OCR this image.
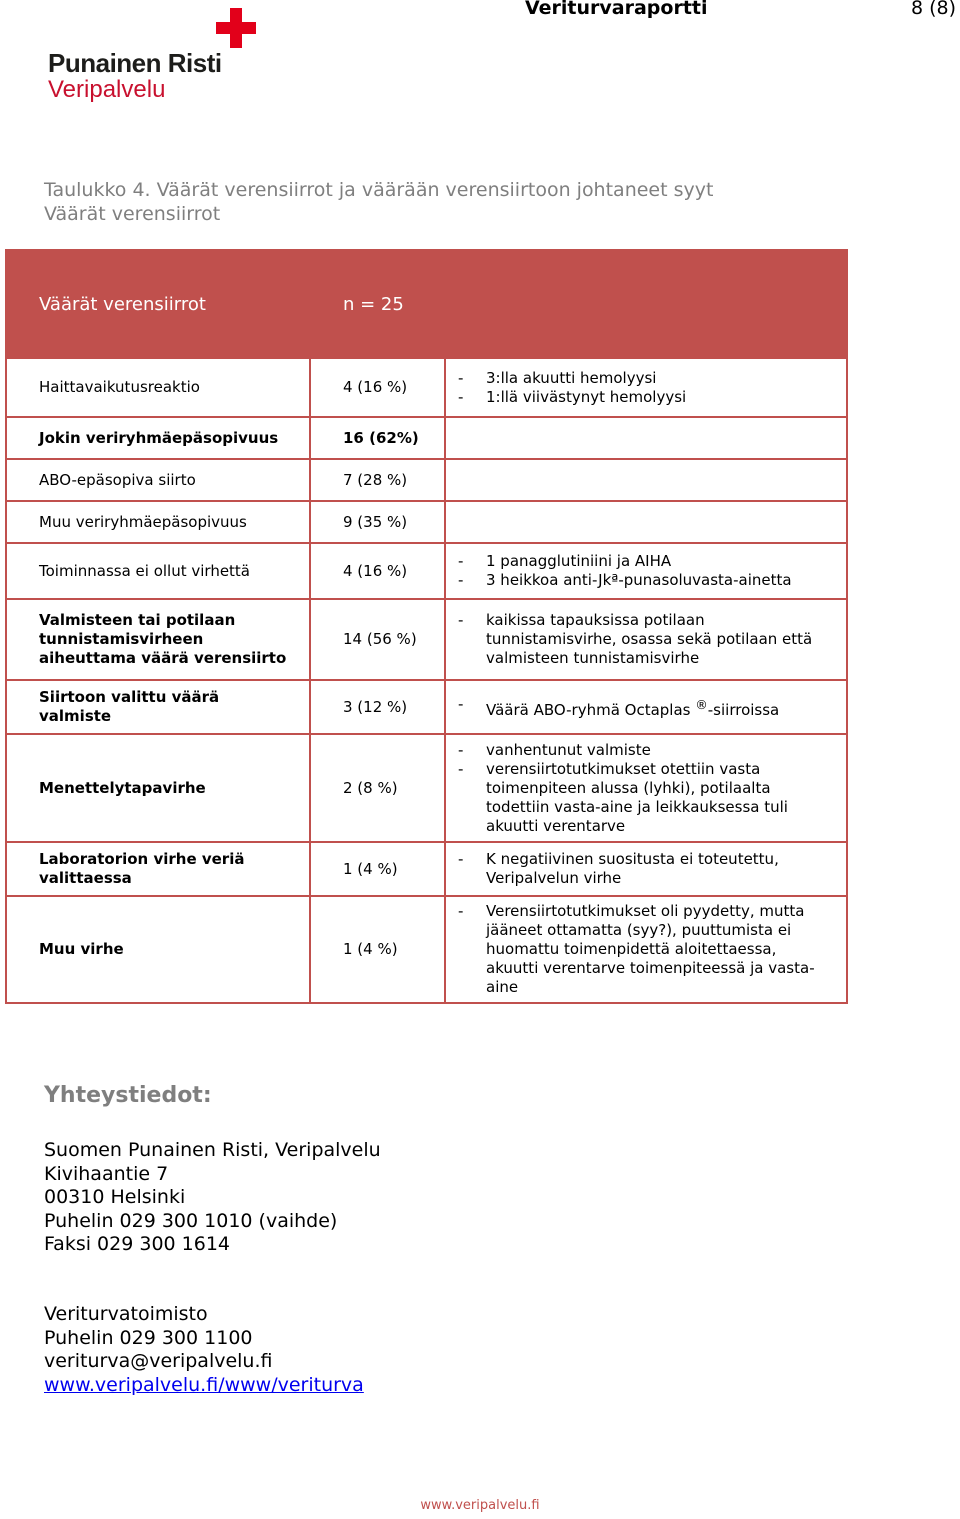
Veriturvaraportti	8 (8)
Punainen Risti
Veripalvelu
Taulukko 4. Väärät verensiirrot ja väärään verensiirtoon johtaneet syyt
Väärät verensiirrot
Väärät verensiirrot	n = 25	
Haittavaikutusreaktio	4 (16 %)	- 3:lla akuutti hemolyysi
- 1:llä viivästynyt hemolyysi

Jokin veriryhmäepäsopivuus	16 (62%)	
ABO-epäsopiva siirto	7 (28 %)	
Muu veriryhmäepäsopivuus	9 (35 %)	
Toiminnassa ei ollut virhettä	4 (16 %)	- 1 panagglutiniini ja AIHA
- 3 heikkoa anti-Jkª-punasoluvasta-ainetta

Valmisteen tai potilaan tunnistamisvirheen aiheuttama väärä verensiirto	14 (56 %)	- kaikissa tapauksissa potilaan tunnistamisvirhe, osassa sekä potilaan että valmisteen tunnistamisvirhe

Siirtoon valittu väärä valmiste	3 (12 %)	- Väärä ABO-ryhmä Octaplas ®-siirroissa

Menettelytapavirhe	2 (8 %)	- vanhentunut valmiste
- verensiirtotutkimukset otettiin vasta toimenpiteen alussa (lyhki), potilaalta todettiin vasta-aine ja leikkauksessa tuli akuutti verentarve

Laboratorion virhe veriä valittaessa	1 (4 %)	- K negatiivinen suositusta ei toteutettu, Veripalvelun virhe

Muu virhe	1 (4 %)	- Verensiirtotutkimukset oli pyydetty, mutta jääneet ottamatta (syy?), puuttumista ei huomattu toimenpidettä aloitettaessa, akuutti verentarve toimenpiteessä ja vasta-aine
Yhteystiedot:
Suomen Punainen Risti, Veripalvelu
Kivihaantie 7
00310 Helsinki
Puhelin 029 300 1010 (vaihde)
Faksi 029 300 1614
Veriturvatoimisto
Puhelin 029 300 1100
veriturva@veripalvelu.fi
www.veripalvelu.fi/www/veriturva
www.veripalvelu.fi
